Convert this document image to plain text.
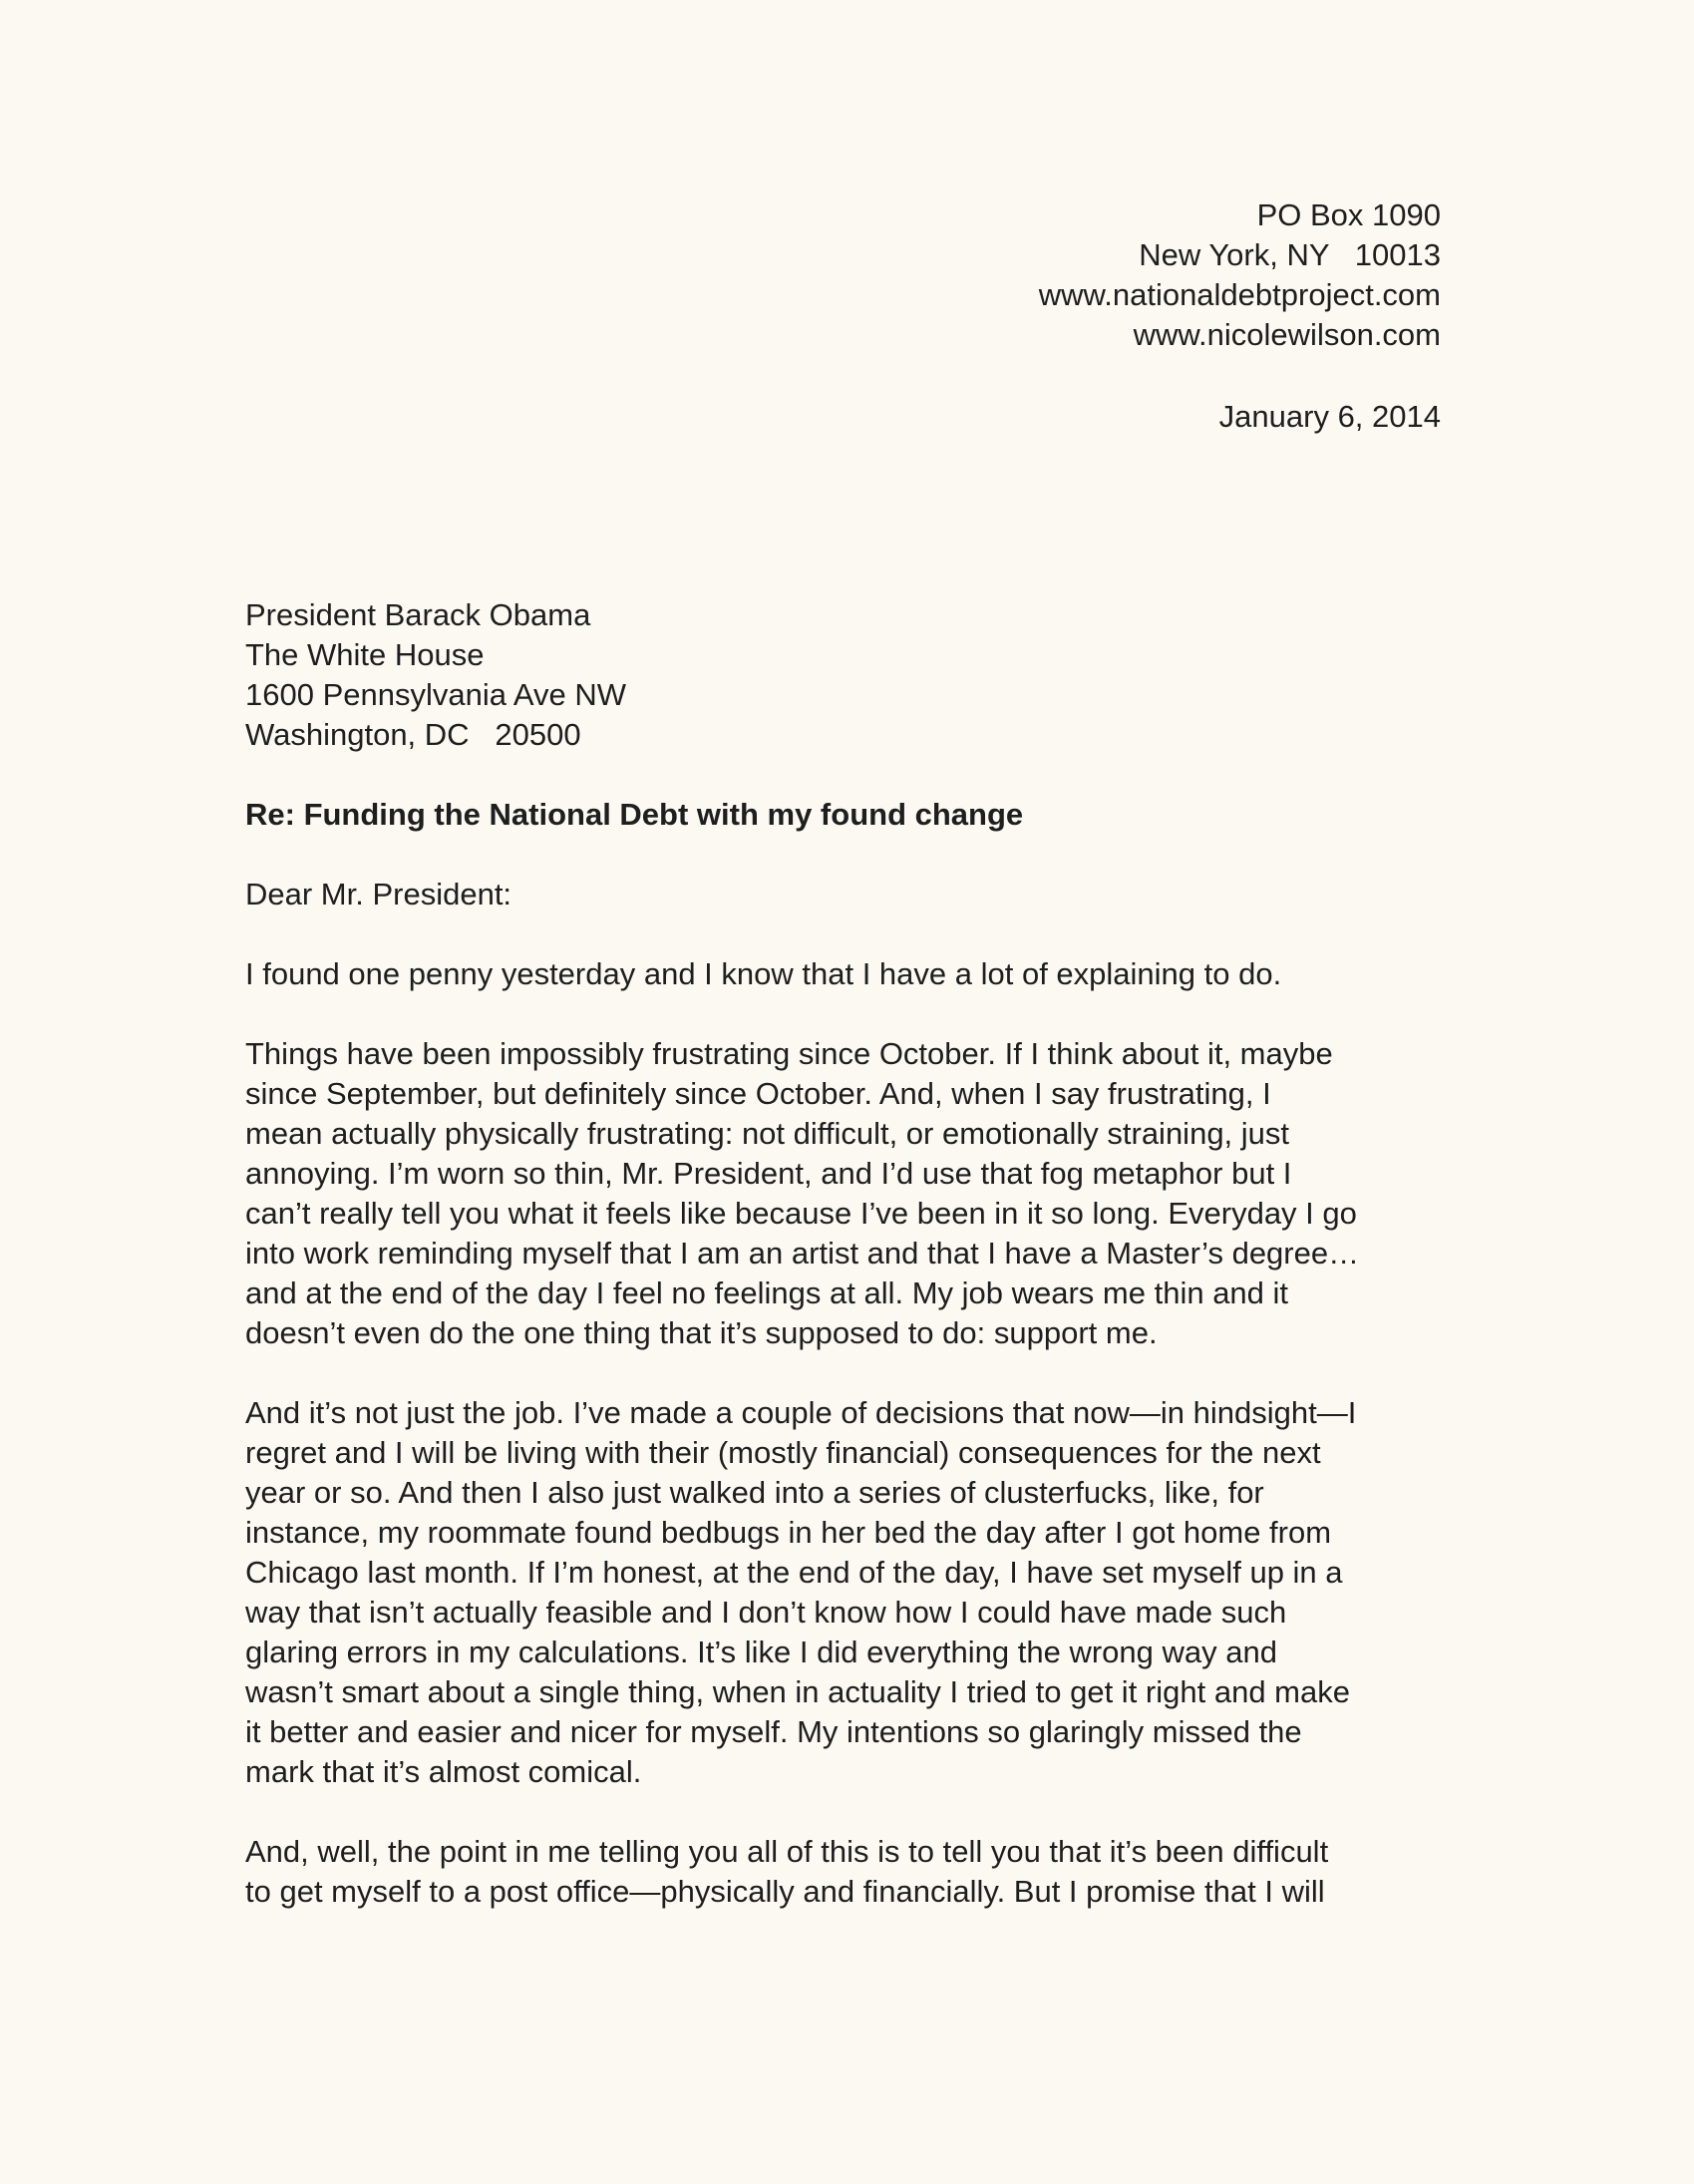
PO Box 1090
New York, NY   10013
www.nationaldebtproject.com
www.nicolewilson.com
January 6, 2014
President Barack Obama
The White House
1600 Pennsylvania Ave NW
Washington, DC   20500
Re: Funding the National Debt with my found change
Dear Mr. President:

I found one penny yesterday and I know that I have a lot of explaining to do.

Things have been impossibly frustrating since October. If I think about it, maybe
since September, but definitely since October. And, when I say frustrating, I
mean actually physically frustrating: not difficult, or emotionally straining, just
annoying. I’m worn so thin, Mr. President, and I’d use that fog metaphor but I
can’t really tell you what it feels like because I’ve been in it so long. Everyday I go
into work reminding myself that I am an artist and that I have a Master’s degree…
and at the end of the day I feel no feelings at all. My job wears me thin and it
doesn’t even do the one thing that it’s supposed to do: support me.

And it’s not just the job. I’ve made a couple of decisions that now—in hindsight—I
regret and I will be living with their (mostly financial) consequences for the next
year or so. And then I also just walked into a series of clusterfucks, like, for
instance, my roommate found bedbugs in her bed the day after I got home from
Chicago last month. If I’m honest, at the end of the day, I have set myself up in a
way that isn’t actually feasible and I don’t know how I could have made such
glaring errors in my calculations. It’s like I did everything the wrong way and
wasn’t smart about a single thing, when in actuality I tried to get it right and make
it better and easier and nicer for myself. My intentions so glaringly missed the
mark that it’s almost comical.

And, well, the point in me telling you all of this is to tell you that it’s been difficult
to get myself to a post office—physically and financially. But I promise that I will
